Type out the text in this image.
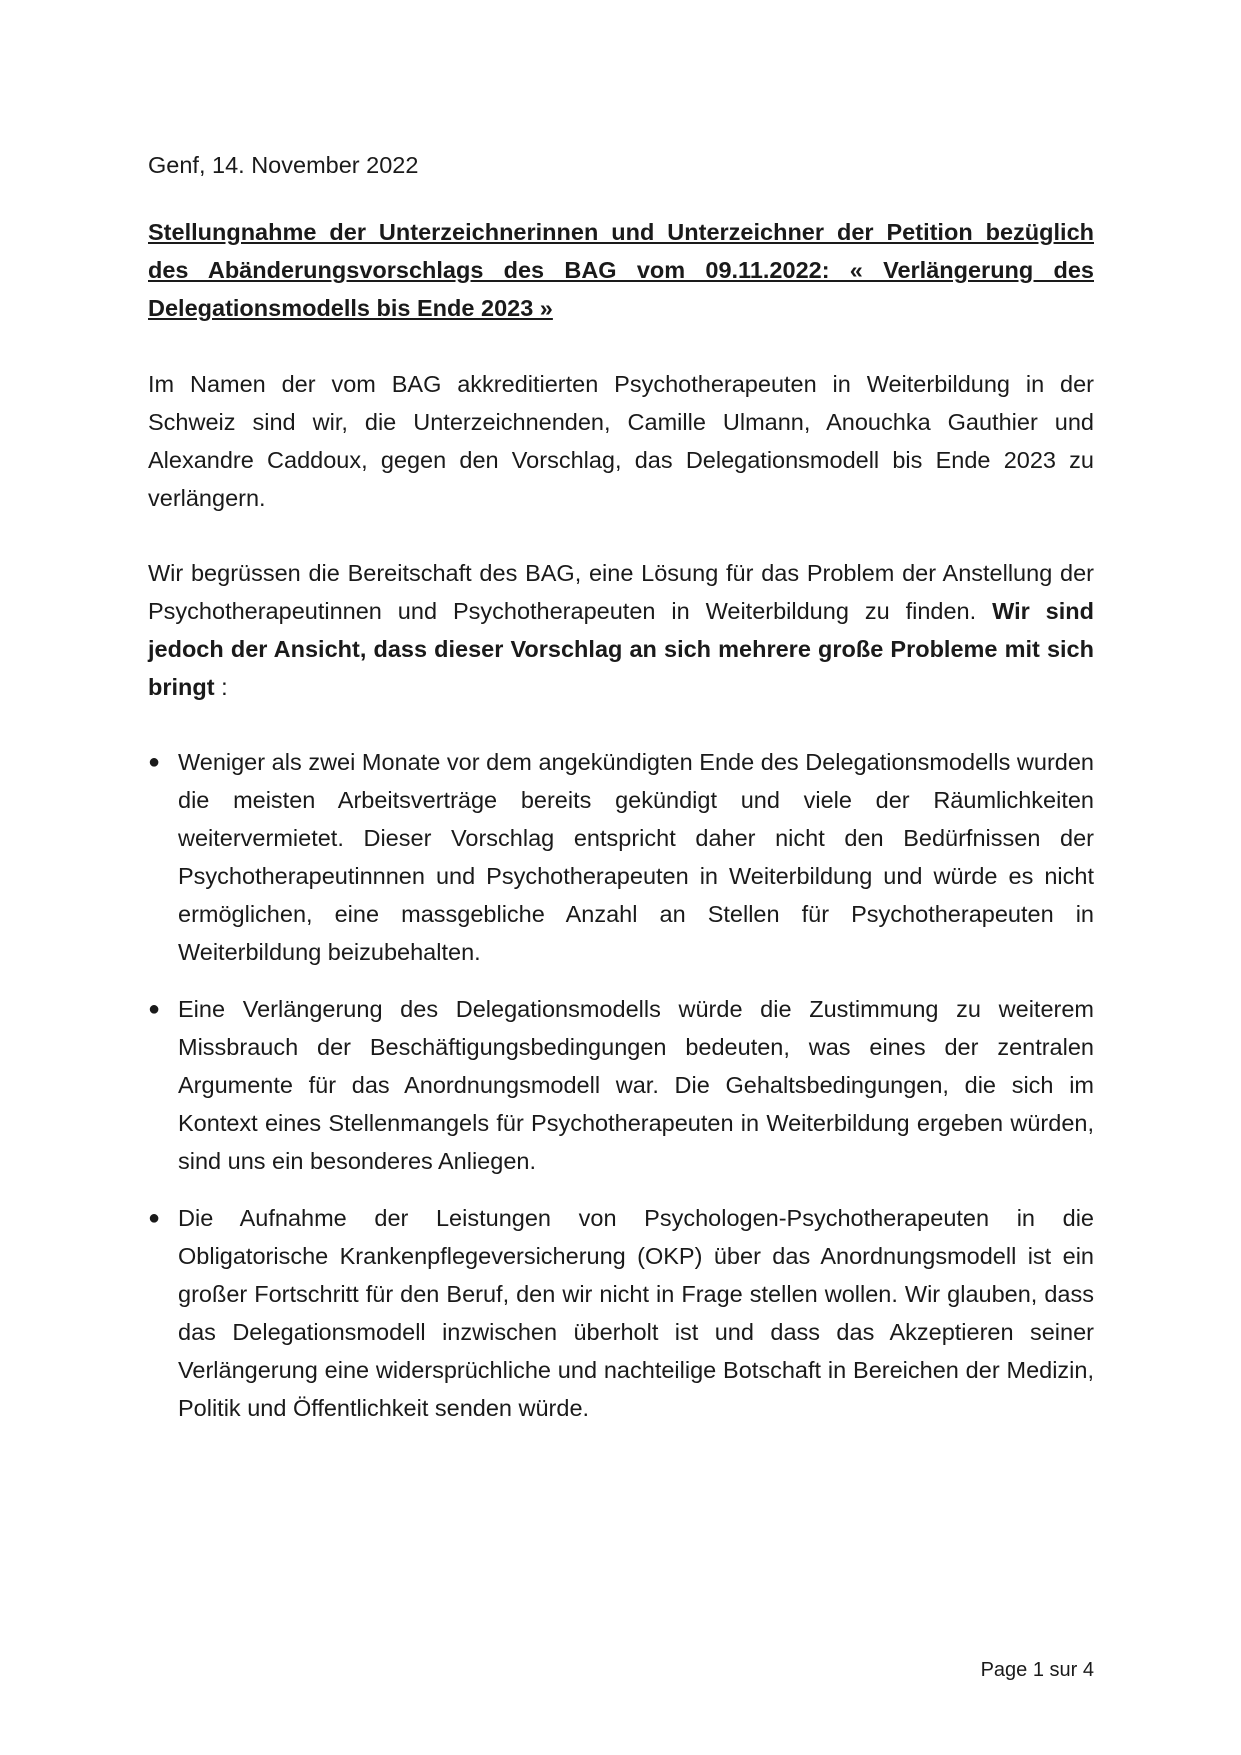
Genf, 14. November 2022

Stellungnahme der Unterzeichnerinnen und Unterzeichner der Petition bezüglich des Abänderungsvorschlags des BAG vom 09.11.2022: « Verlängerung des Delegationsmodells bis Ende 2023 »

Im Namen der vom BAG akkreditierten Psychotherapeuten in Weiterbildung in der Schweiz sind wir, die Unterzeichnenden, Camille Ulmann, Anouchka Gauthier und Alexandre Caddoux, gegen den Vorschlag, das Delegationsmodell bis Ende 2023 zu verlängern.

Wir begrüssen die Bereitschaft des BAG, eine Lösung für das Problem der Anstellung der Psychotherapeutinnen und Psychotherapeuten in Weiterbildung zu finden. Wir sind jedoch der Ansicht, dass dieser Vorschlag an sich mehrere große Probleme mit sich bringt :

● Weniger als zwei Monate vor dem angekündigten Ende des Delegationsmodells wurden die meisten Arbeitsverträge bereits gekündigt und viele der Räumlichkeiten weitervermietet. Dieser Vorschlag entspricht daher nicht den Bedürfnissen der Psychotherapeutinnnen und Psychotherapeuten in Weiterbildung und würde es nicht ermöglichen, eine massgebliche Anzahl an Stellen für Psychotherapeuten in Weiterbildung beizubehalten.
● Eine Verlängerung des Delegationsmodells würde die Zustimmung zu weiterem Missbrauch der Beschäftigungsbedingungen bedeuten, was eines der zentralen Argumente für das Anordnungsmodell war. Die Gehaltsbedingungen, die sich im Kontext eines Stellenmangels für Psychotherapeuten in Weiterbildung ergeben würden, sind uns ein besonderes Anliegen.
● Die Aufnahme der Leistungen von Psychologen-Psychotherapeuten in die Obligatorische Krankenpflegeversicherung (OKP) über das Anordnungsmodell ist ein großer Fortschritt für den Beruf, den wir nicht in Frage stellen wollen. Wir glauben, dass das Delegationsmodell inzwischen überholt ist und dass das Akzeptieren seiner Verlängerung eine widersprüchliche und nachteilige Botschaft in Bereichen der Medizin, Politik und Öffentlichkeit senden würde.
Page 1 sur 4
